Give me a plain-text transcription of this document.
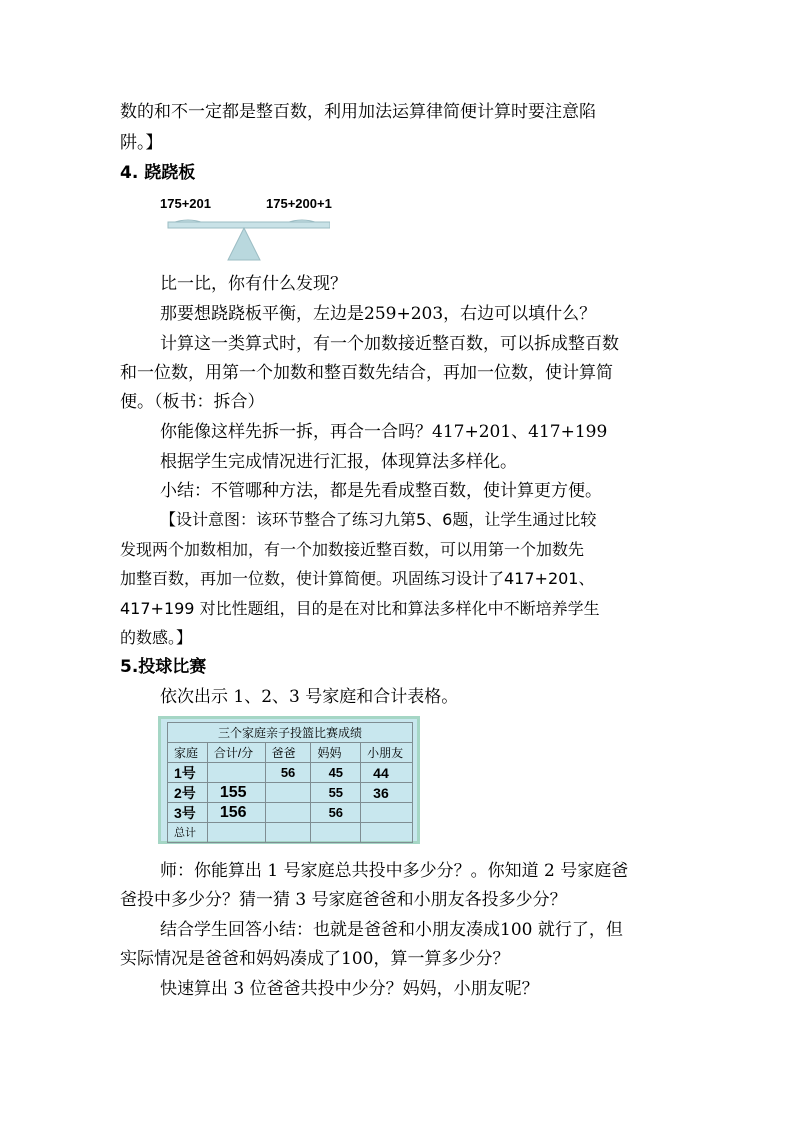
数的和不一定都是整百数，利用加法运算律简便计算时要注意陷
阱。】
4. 跷跷板
175+201	175+200+1
比一比，你有什么发现？
那要想跷跷板平衡，左边是259+203，右边可以填什么？
计算这一类算式时，有一个加数接近整百数，可以拆成整百数
和一位数，用第一个加数和整百数先结合，再加一位数，使计算简
便。（板书：拆合）
你能像这样先拆一拆，再合一合吗？417+201、417+199
根据学生完成情况进行汇报，体现算法多样化。
小结：不管哪种方法，都是先看成整百数，使计算更方便。
【设计意图：该环节整合了练习九第5、6题，让学生通过比较
发现两个加数相加，有一个加数接近整百数，可以用第一个加数先
加整百数，再加一位数，使计算简便。巩固练习设计了417+201、
417+199 对比性题组，目的是在对比和算法多样化中不断培养学生
的数感。】
5.投球比赛
依次出示 1、2、3 号家庭和合计表格。
三个家庭亲子投篮比赛成绩				
家庭	合计/分	爸爸	妈妈	小朋友
1号		56	45	44
2号	155		55	36
3号	156		56	
总计				
师：你能算出 1 号家庭总共投中多少分？。你知道 2 号家庭爸
爸投中多少分？猜一猜 3 号家庭爸爸和小朋友各投多少分？
结合学生回答小结：也就是爸爸和小朋友凑成100 就行了，但
实际情况是爸爸和妈妈凑成了100，算一算多少分？
快速算出 3 位爸爸共投中少分？妈妈，小朋友呢？
